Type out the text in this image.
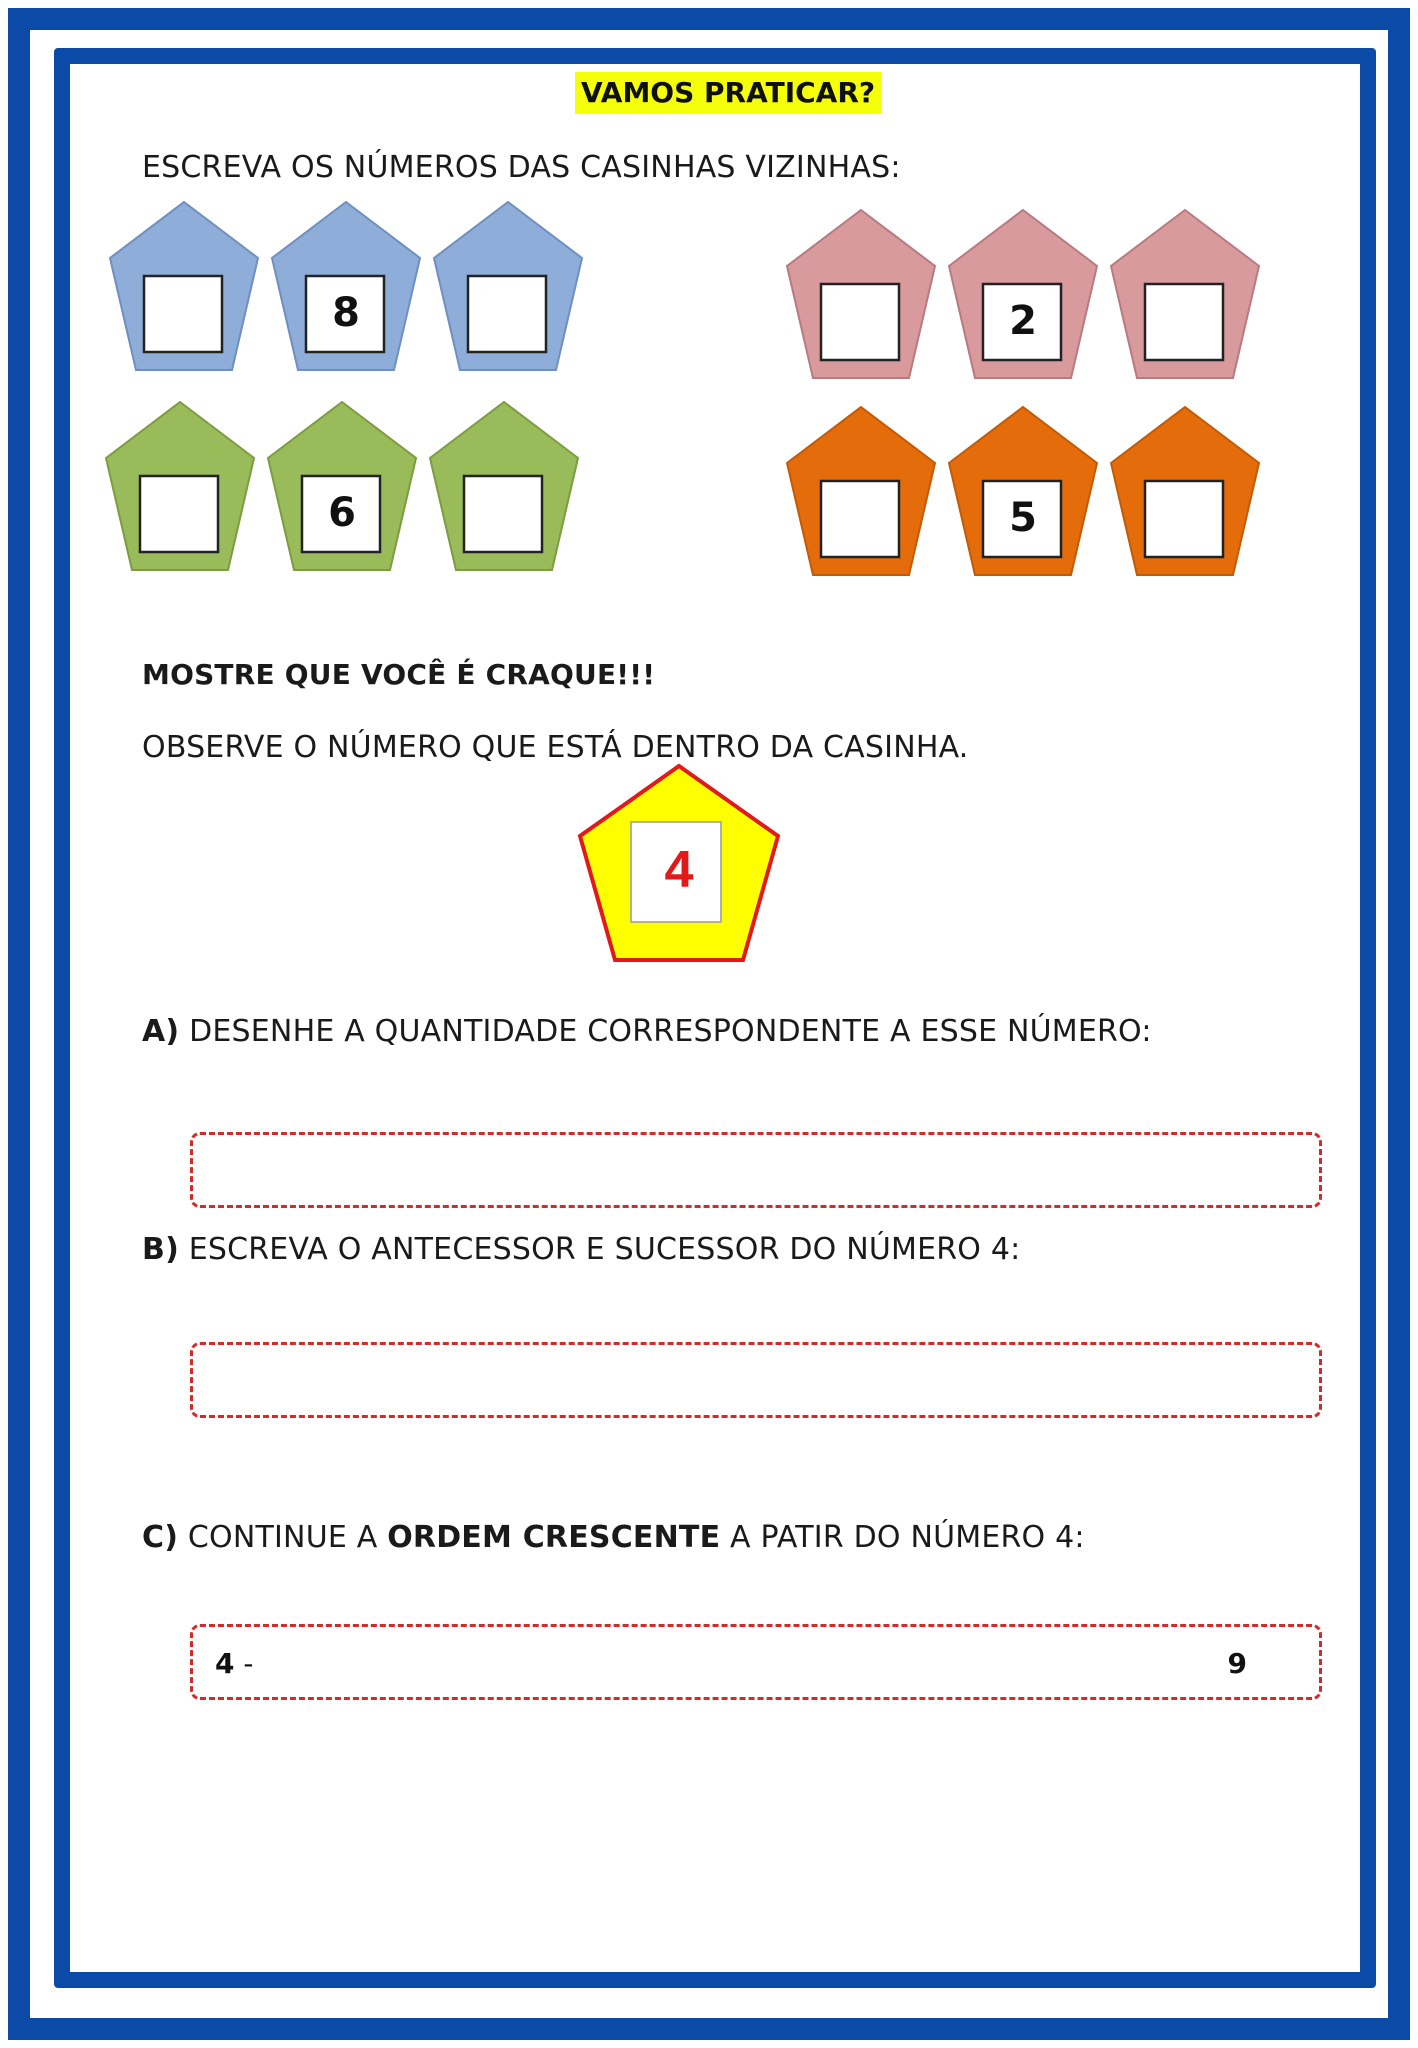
VAMOS PRATICAR?
ESCREVA OS NÚMEROS DAS CASINHAS VIZINHAS:
8	2
6	5
MOSTRE QUE VOCÊ É CRAQUE!!!
OBSERVE O NÚMERO QUE ESTÁ DENTRO DA CASINHA.
4
A) DESENHE A QUANTIDADE CORRESPONDENTE A ESSE NÚMERO:
B) ESCREVA O ANTECESSOR E SUCESSOR DO NÚMERO 4:
C) CONTINUE A ORDEM CRESCENTE A PATIR DO NÚMERO 4:
4 -	9
